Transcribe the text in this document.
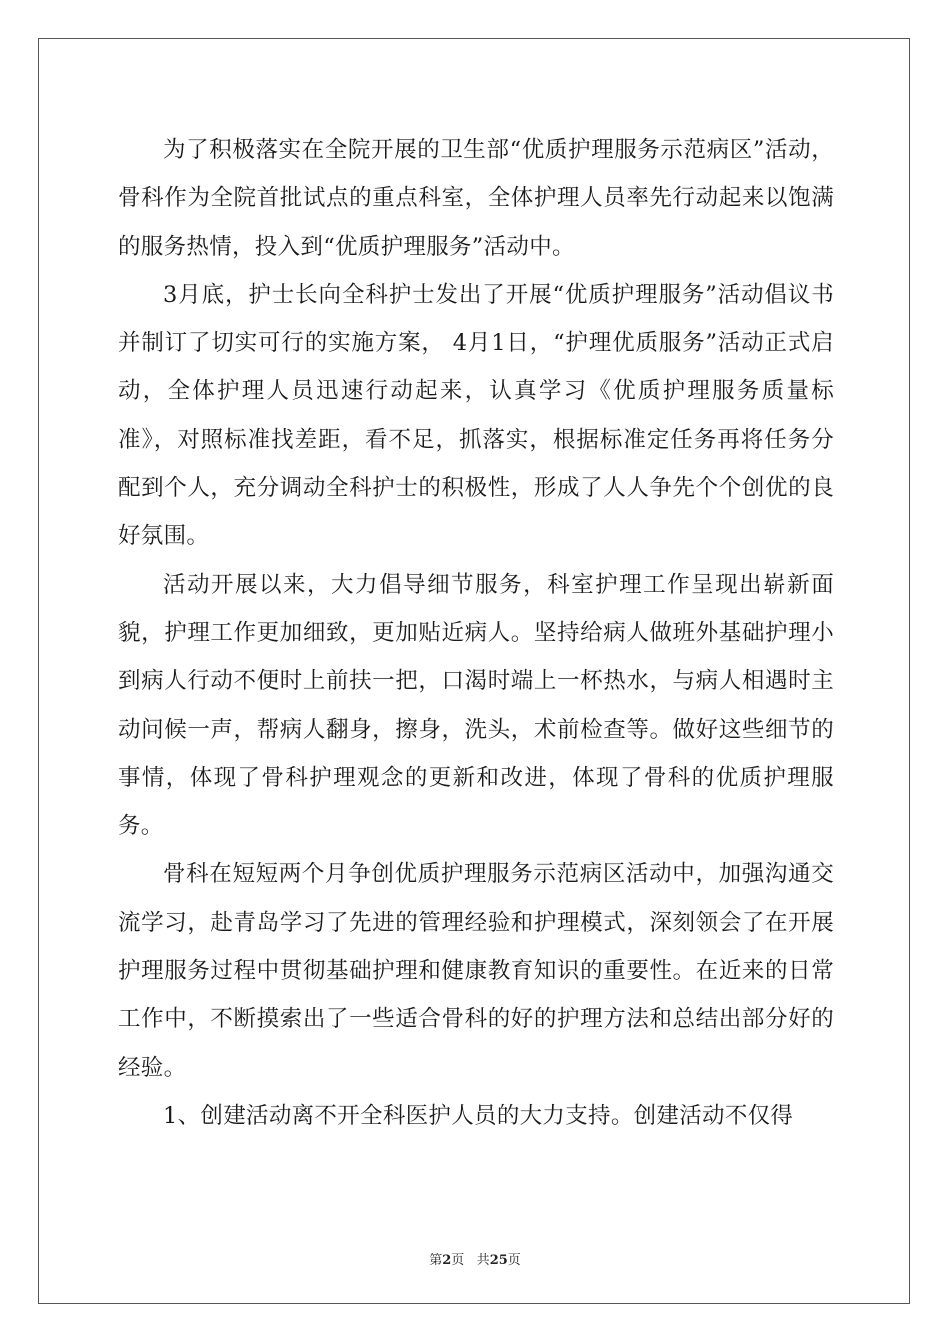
为了积极落实在全院开展的卫生部“优质护理服务示范病区”活动，骨科作为全院首批试点的重点科室，全体护理人员率先行动起来以饱满的服务热情，投入到“优质护理服务”活动中。

3月底，护士长向全科护士发出了开展“优质护理服务”活动倡议书并制订了切实可行的实施方案， 4月1日，“护理优质服务”活动正式启动，全体护理人员迅速行动起来，认真学习《优质护理服务质量标准》，对照标准找差距，看不足，抓落实，根据标准定任务再将任务分配到个人，充分调动全科护士的积极性，形成了人人争先个个创优的良好氛围。

活动开展以来，大力倡导细节服务，科室护理工作呈现出崭新面貌，护理工作更加细致，更加贴近病人。坚持给病人做班外基础护理小到病人行动不便时上前扶一把，口渴时端上一杯热水，与病人相遇时主动问候一声，帮病人翻身，擦身，洗头，术前检查等。做好这些细节的事情，体现了骨科护理观念的更新和改进，体现了骨科的优质护理服务。

骨科在短短两个月争创优质护理服务示范病区活动中，加强沟通交流学习，赴青岛学习了先进的管理经验和护理模式，深刻领会了在开展护理服务过程中贯彻基础护理和健康教育知识的重要性。在近来的日常工作中，不断摸索出了一些适合骨科的好的护理方法和总结出部分好的经验。

1、创建活动离不开全科医护人员的大力支持。创建活动不仅得

第2页 共25页
